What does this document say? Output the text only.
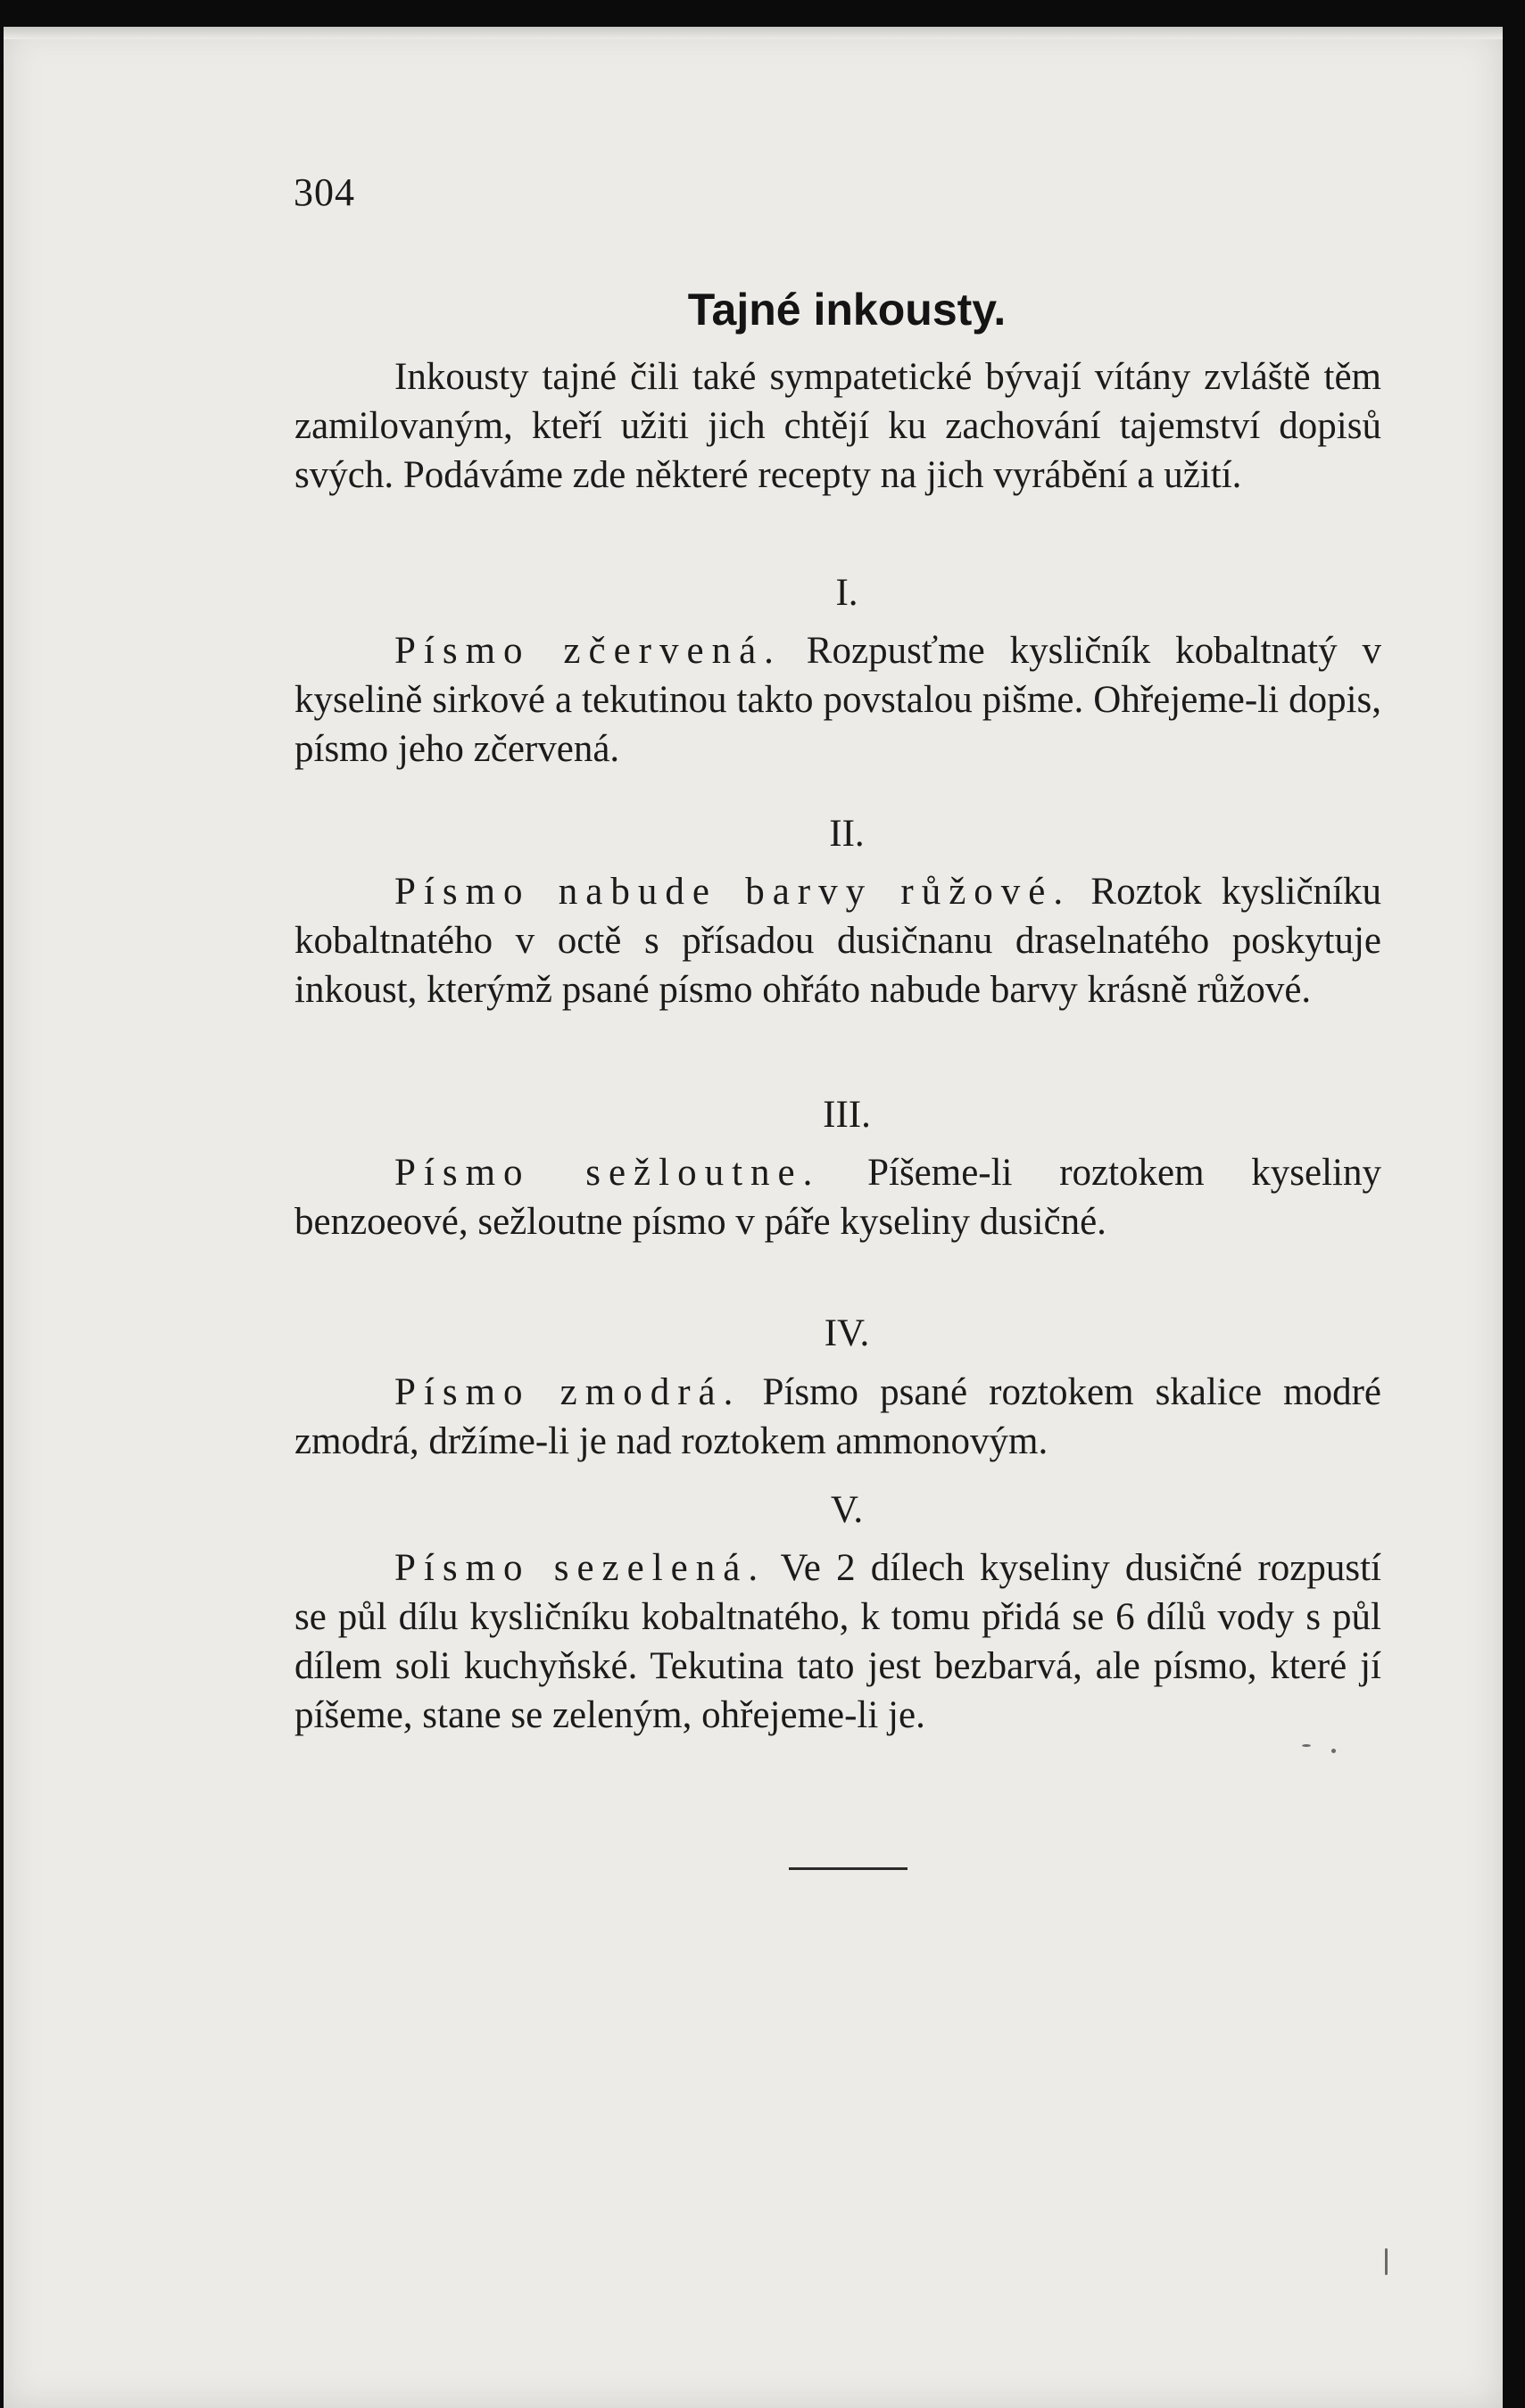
304
Tajné inkousty.

Inkousty tajné čili také sympatetické bývají vítány zvláště těm zamilovaným, kteří užiti jich chtějí ku zachování tajemství dopisů svých. Podáváme zde některé recepty na jich vyrábění a užití.

I.

Písmo zčervená. Rozpusťme kysličník kobaltnatý v kyselině sirkové a tekutinou takto povstalou pišme. Ohřejeme-li dopis, písmo jeho zčervená.

II.

Písmo nabude barvy růžové. Roztok kysličníku kobaltnatého v octě s přísadou dusičnanu draselnatého poskytuje inkoust, kterýmž psané písmo ohřáto nabude barvy krásně růžové.

III.

Písmo sežloutne. Píšeme-li roztokem kyseliny benzoeové, sežloutne písmo v páře kyseliny dusičné.

IV.

Písmo zmodrá. Písmo psané roztokem skalice modré zmodrá, držíme-li je nad roztokem ammonovým.

V.

Písmo sezelená. Ve 2 dílech kyseliny dusičné rozpustí se půl dílu kysličníku kobaltnatého, k tomu přidá se 6 dílů vody s půl dílem soli kuchyňské. Tekutina tato jest bezbarvá, ale písmo, které jí píšeme, stane se zeleným, ohřejeme-li je.
